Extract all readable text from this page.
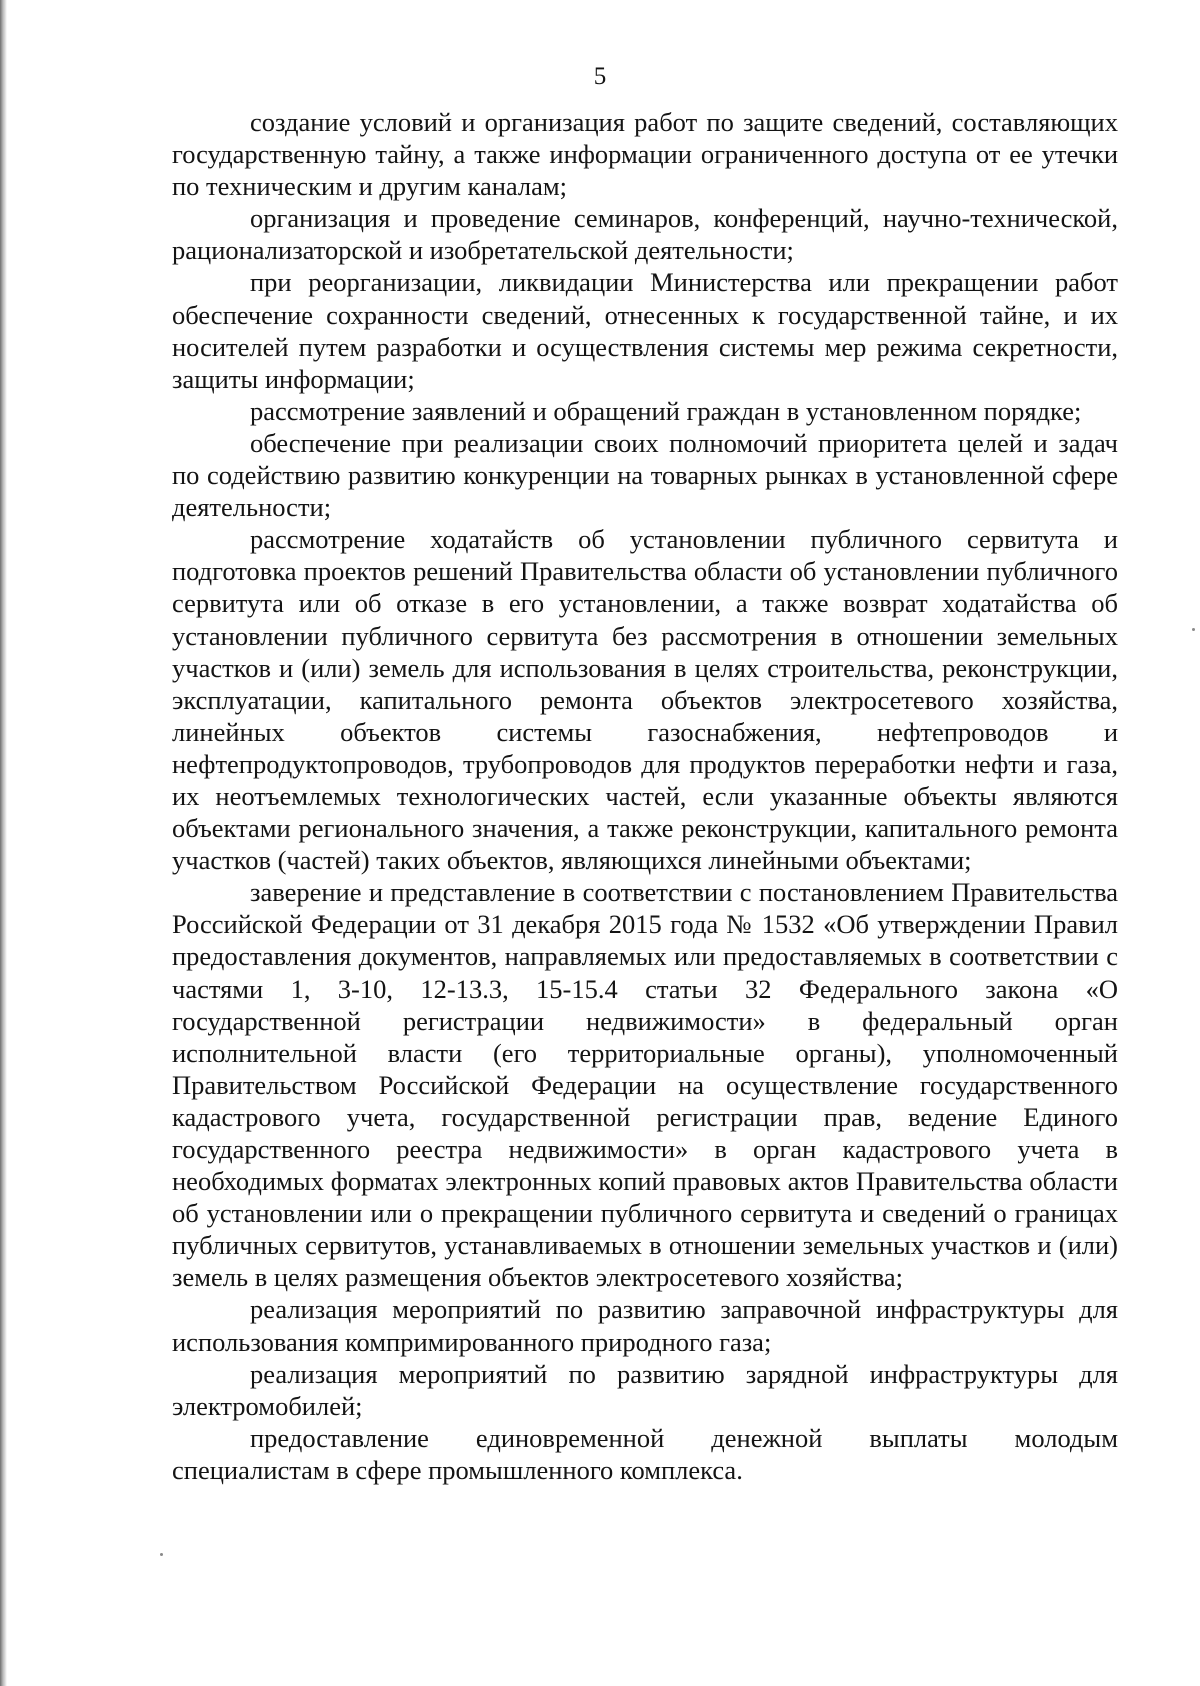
5

создание условий и организация работ по защите сведений, составляющих государственную тайну, а также информации ограниченного доступа от ее утечки по техническим и другим каналам;

организация и проведение семинаров, конференций, научно-технической, рационализаторской и изобретательской деятельности;

при реорганизации, ликвидации Министерства или прекращении работ обеспечение сохранности сведений, отнесенных к государственной тайне, и их носителей путем разработки и осуществления системы мер режима секретности, защиты информации;

рассмотрение заявлений и обращений граждан в установленном порядке;

обеспечение при реализации своих полномочий приоритета целей и задач по содействию развитию конкуренции на товарных рынках в установленной сфере деятельности;

рассмотрение ходатайств об установлении публичного сервитута и подготовка проектов решений Правительства области об установлении публичного сервитута или об отказе в его установлении, а также возврат ходатайства об установлении публичного сервитута без рассмотрения в отношении земельных участков и (или) земель для использования в целях строительства, реконструкции, эксплуатации, капитального ремонта объектов электросетевого хозяйства, линейных объектов системы газоснабжения, нефтепроводов и нефтепродуктопроводов, трубопроводов для продуктов переработки нефти и газа, их неотъемлемых технологических частей, если указанные объекты являются объектами регионального значения, а также реконструкции, капитального ремонта участков (частей) таких объектов, являющихся линейными объектами;

заверение и представление в соответствии с постановлением Правительства Российской Федерации от 31 декабря 2015 года № 1532 «Об утверждении Правил предоставления документов, направляемых или предоставляемых в соответствии с частями 1, 3-10, 12-13.3, 15-15.4 статьи 32 Федерального закона «О государственной регистрации недвижимости» в федеральный орган исполнительной власти (его территориальные органы), уполномоченный Правительством Российской Федерации на осуществление государственного кадастрового учета, государственной регистрации прав, ведение Единого государственного реестра недвижимости» в орган кадастрового учета в необходимых форматах электронных копий правовых актов Правительства области об установлении или о прекращении публичного сервитута и сведений о границах публичных сервитутов, устанавливаемых в отношении земельных участков и (или) земель в целях размещения объектов электросетевого хозяйства;

реализация мероприятий по развитию заправочной инфраструктуры для использования компримированного природного газа;

реализация мероприятий по развитию зарядной инфраструктуры для электромобилей;

предоставление единовременной денежной выплаты молодым специалистам в сфере промышленного комплекса.
